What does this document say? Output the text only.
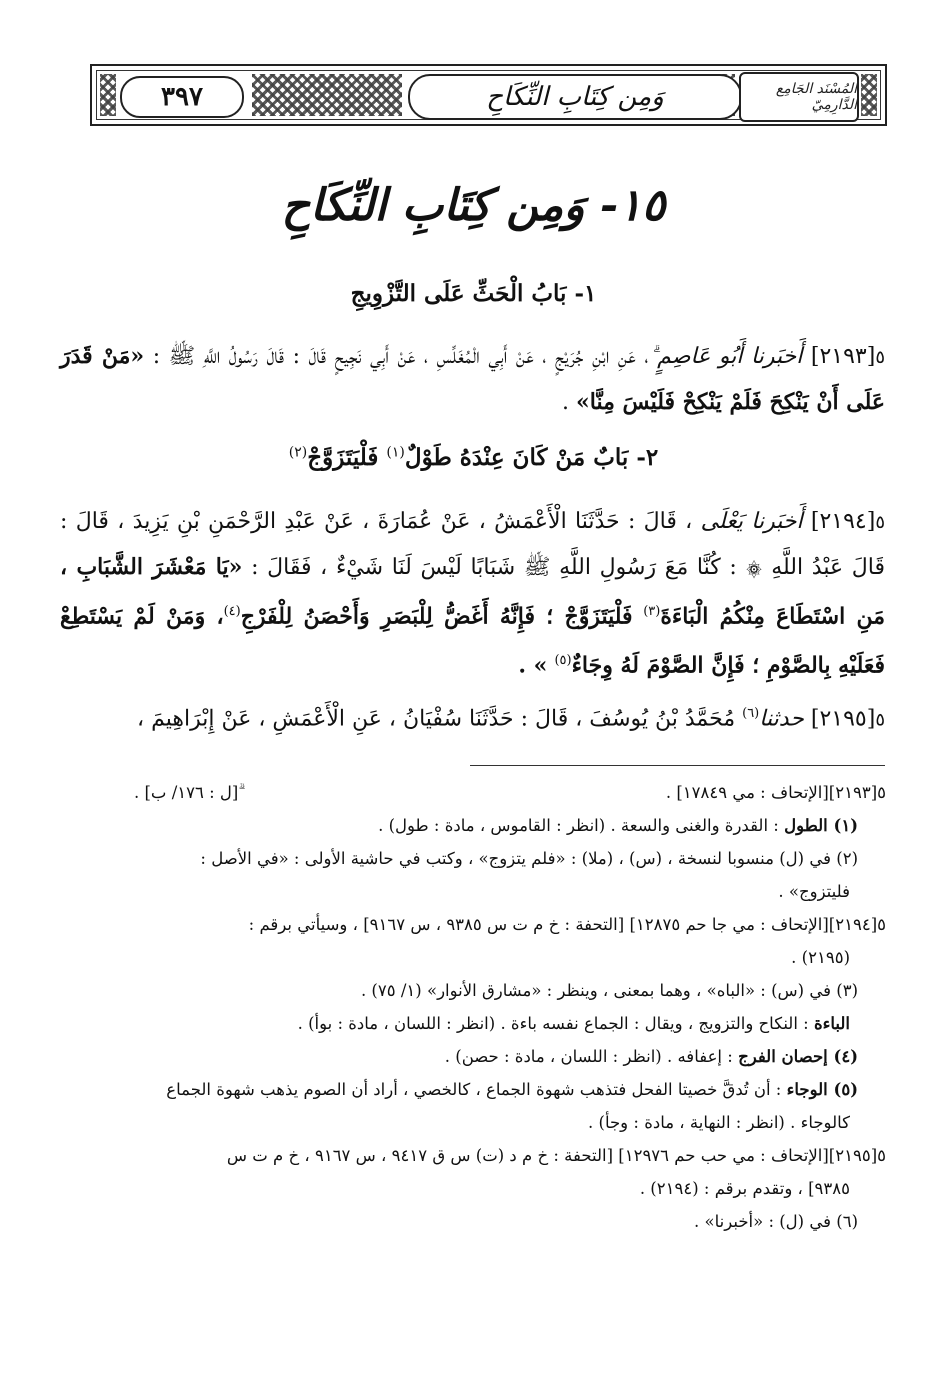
٣٩٧	وَمِن كِتَابِ النِّكَاحِ	المُسْنَد الجَامِع الدَّارِمِيّ
١٥- وَمِن كِتَابِ النِّكَاحِ
١- بَابُ الْحَثِّ عَلَى التَّزْوِيجِ
٥[٢١٩٣] أَخبَرنا أَبُو عَاصِمٍ ، عَنِ ابْنِ جُرَيْجٍ ، عَنْ أَبِي الْمُغَلِّسِ ، عَنْ أَبِي نَجِيحٍ قَالَ : قَالَ رَسُولُ اللَّهِ ﷺ : «مَنْ قَدَرَ عَلَى أَنْ يَنْكِحَ فَلَمْ يَنْكِحْ فَلَيْسَ مِنَّا» .
٢- بَابٌ مَنْ كَانَ عِنْدَهُ طَوْلٌ$^{(١)}$ فَلْيَتَزَوَّجْ$^{(٢)}$
٥[٢١٩٤] أَخبَرنا يَعْلَى ، قَالَ : حَدَّثَنَا الْأَعْمَشُ ، عَنْ عُمَارَةَ ، عَنْ عَبْدِ الرَّحْمَنِ بْنِ يَزِيدَ ، قَالَ : قَالَ عَبْدُ اللَّهِ ۞ : كُنَّا مَعَ رَسُولِ اللَّهِ ﷺ شَبَابًا لَيْسَ لَنَا شَيْءٌ ، فَقَالَ : «يَا مَعْشَرَ الشَّبَابِ ، مَنِ اسْتَطَاعَ مِنْكُمُ الْبَاءَةَ$^{(٣)}$ فَلْيَتَزَوَّجْ ؛ فَإِنَّهُ أَغَضُّ لِلْبَصَرِ وَأَحْصَنُ لِلْفَرْجِ$^{(٤)}$، وَمَنْ لَمْ يَسْتَطِعْ فَعَلَيْهِ بِالصَّوْمِ ؛ فَإِنَّ الصَّوْمَ لَهُ وِجَاءٌ$^{(٥)}$ » .
٥[٢١٩٥] حدثنا$^{(٦)}$ مُحَمَّدُ بْنُ يُوسُفَ ، قَالَ : حَدَّثَنَا سُفْيَانُ ، عَنِ الْأَعْمَشِ ، عَنْ إِبْرَاهِيمَ ،
٥[٢١٩٣][الإتحاف : مي ١٧٨٤٩] .
ۗ[ل : ١٧٦/ ب] .
(١) الطول : القدرة والغنى والسعة . (انظر : القاموس ، مادة : طول) .
(٢) في (ل) منسوبا لنسخة ، (س) ، (ملا) : «فلم يتزوج» ، وكتب في حاشية الأولى : «في الأصل :
فليتزوج» .
٥[٢١٩٤][الإتحاف : مي جا حم ١٢٨٧٥] [التحفة : خ م ت س ٩٣٨٥ ، س ٩١٦٧] ، وسيأتي برقم :
(٢١٩٥) .
(٣) في (س) : «الباه» ، وهما بمعنى ، وينظر : «مشارق الأنوار» (١/ ٧٥) .
الباءة : النكاح والتزويج ، ويقال : الجماع نفسه باءة . (انظر : اللسان ، مادة : بوأ) .
(٤) إحصان الفرج : إعفافه . (انظر : اللسان ، مادة : حصن) .
(٥) الوجاء : أن تُدقَّ خصيتا الفحل فتذهب شهوة الجماع ، كالخصي ، أراد أن الصوم يذهب شهوة الجماع
كالوجاء . (انظر : النهاية ، مادة : وجأ) .
٥[٢١٩٥][الإتحاف : مي حب حم ١٢٩٧٦] [التحفة : خ م د (ت) س ق ٩٤١٧ ، س ٩١٦٧ ، خ م ت س
٩٣٨٥] ، وتقدم برقم : (٢١٩٤) .
(٦) في (ل) : «أخبرنا» .
